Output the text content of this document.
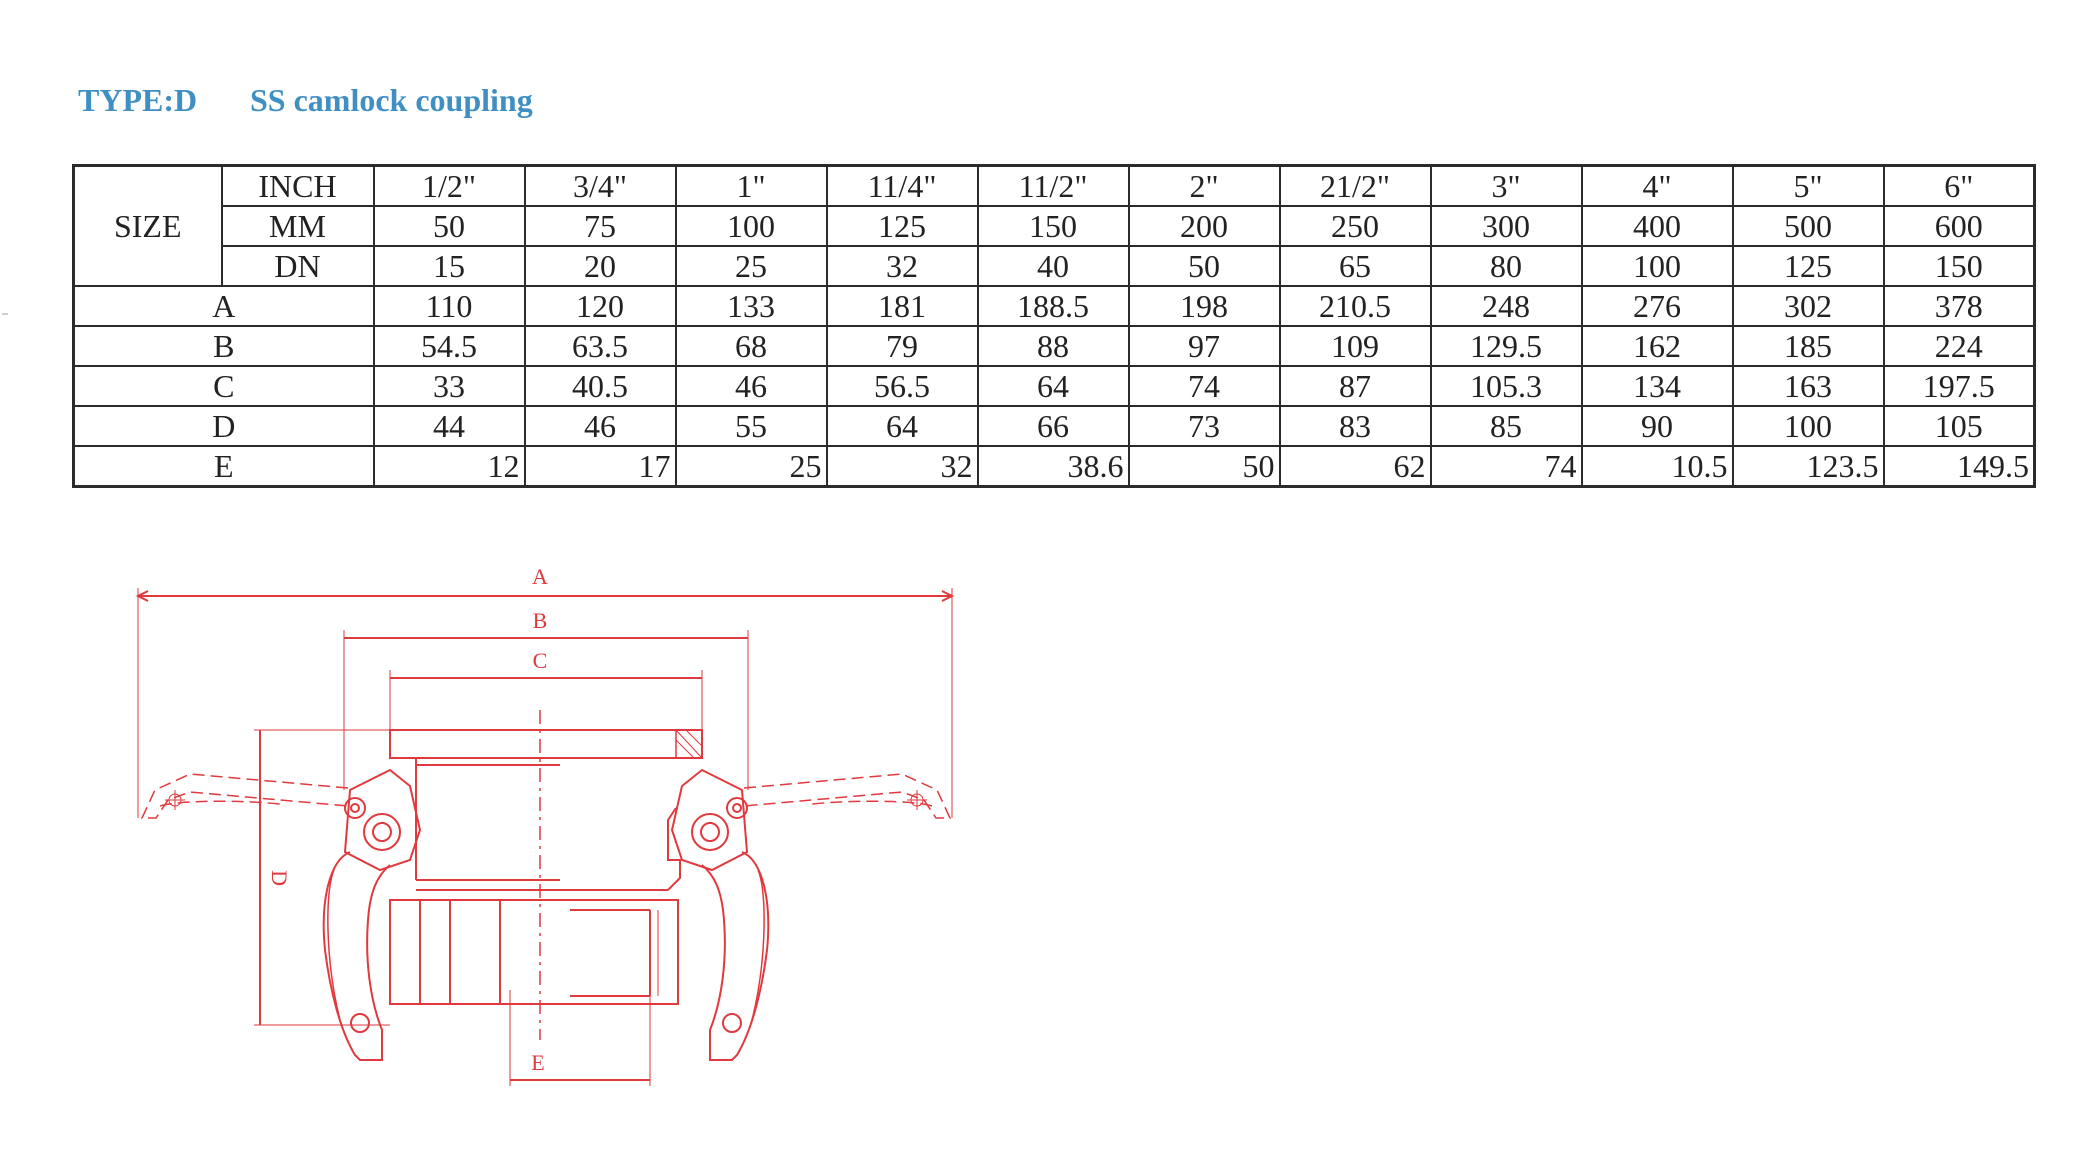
TYPE:D SS camlock coupling
SIZE	INCH	1/2"	3/4"	1"	11/4"	11/2"	2"	21/2"	3"	4"	5"	6"
	MM	50	75	100	125	150	200	250	300	400	500	600
	DN	15	20	25	32	40	50	65	80	100	125	150
A		110	120	133	181	188.5	198	210.5	248	276	302	378
B		54.5	63.5	68	79	88	97	109	129.5	162	185	224
C		33	40.5	46	56.5	64	74	87	105.3	134	163	197.5
D		44	46	55	64	66	73	83	85	90	100	105
E		12	17	25	32	38.6	50	62	74	10.5	123.5	149.5
A
B
C
D
E
